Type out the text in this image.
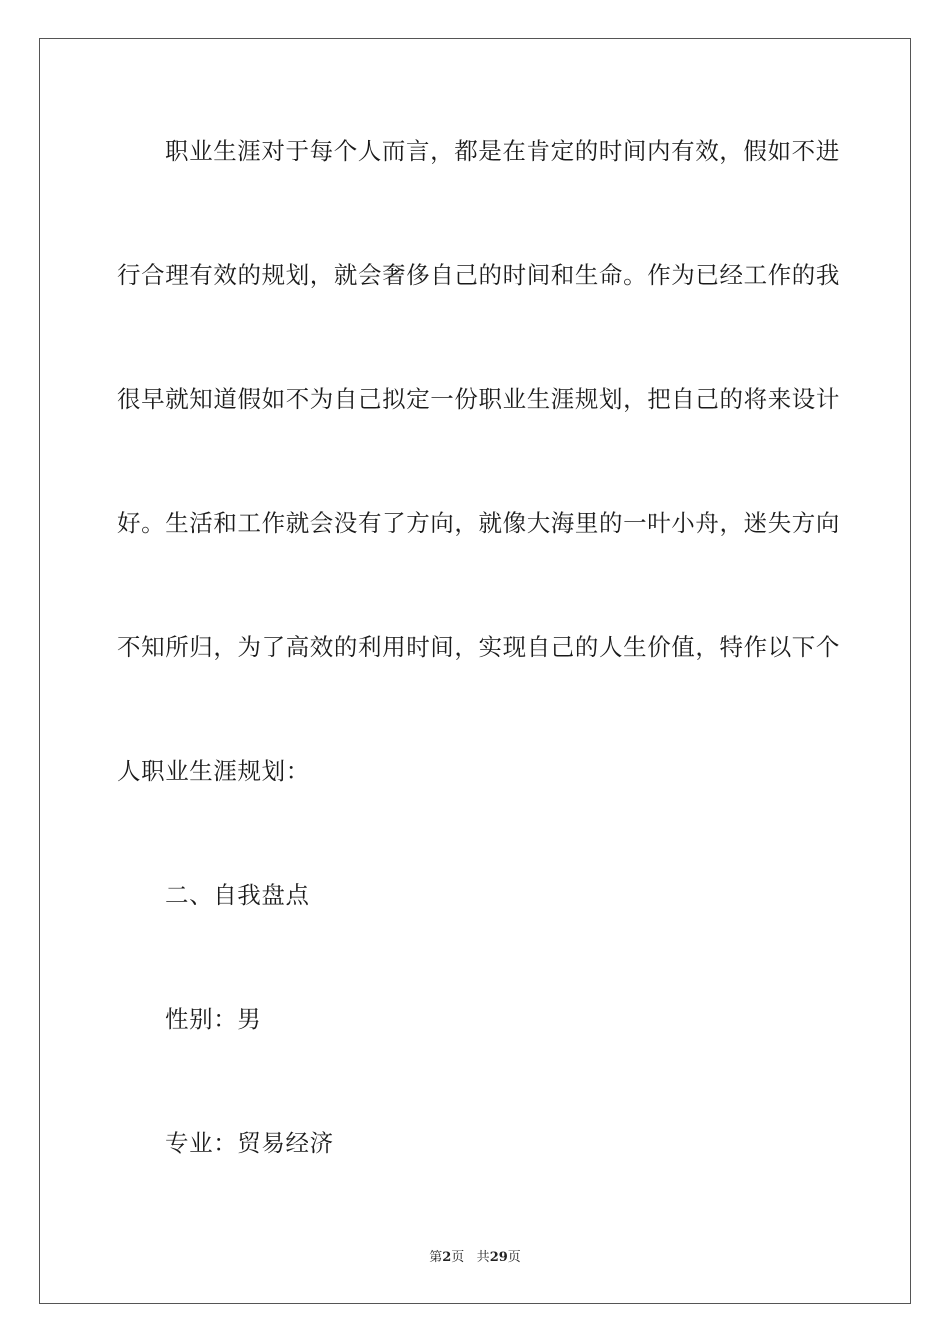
职业生涯对于每个人而言，都是在肯定的时间内有效，假如不进
行合理有效的规划，就会奢侈自己的时间和生命。作为已经工作的我
很早就知道假如不为自己拟定一份职业生涯规划，把自己的将来设计
好。生活和工作就会没有了方向，就像大海里的一叶小舟，迷失方向
不知所归，为了高效的利用时间，实现自己的人生价值，特作以下个
人职业生涯规划：
二、自我盘点
性别：男
专业：贸易经济
第2页 共29页
